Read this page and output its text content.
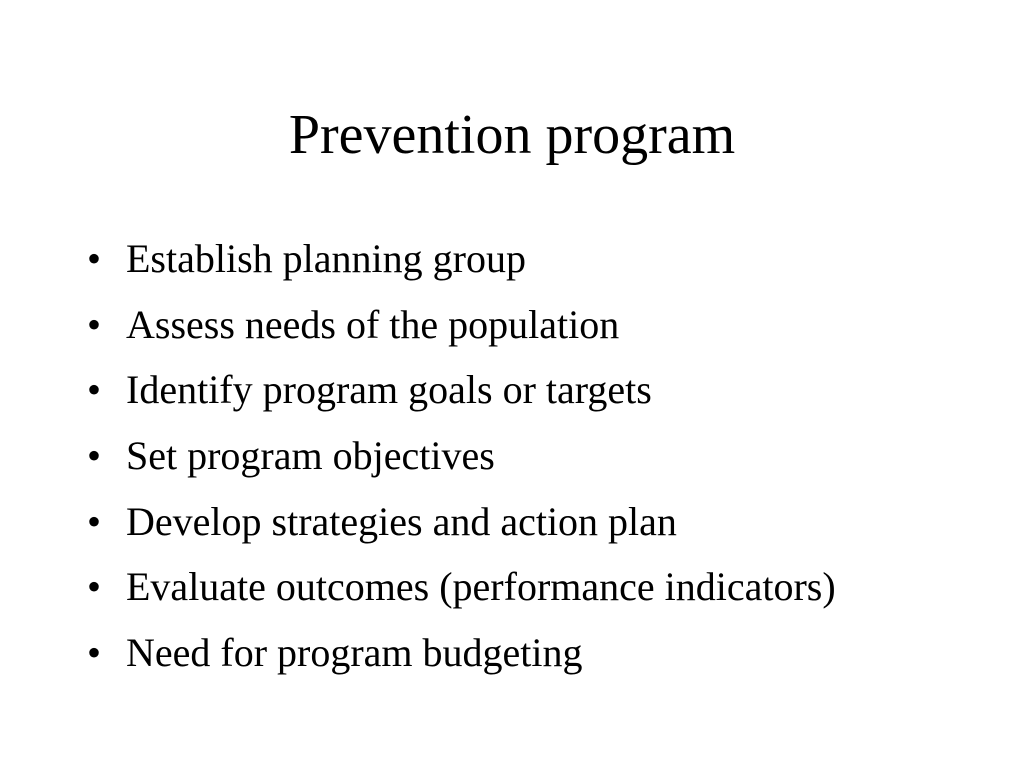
Prevention program
• Establish planning group
• Assess needs of the population
• Identify program goals or targets
• Set program objectives
• Develop strategies and action plan
• Evaluate outcomes (performance indicators)
• Need for program budgeting
